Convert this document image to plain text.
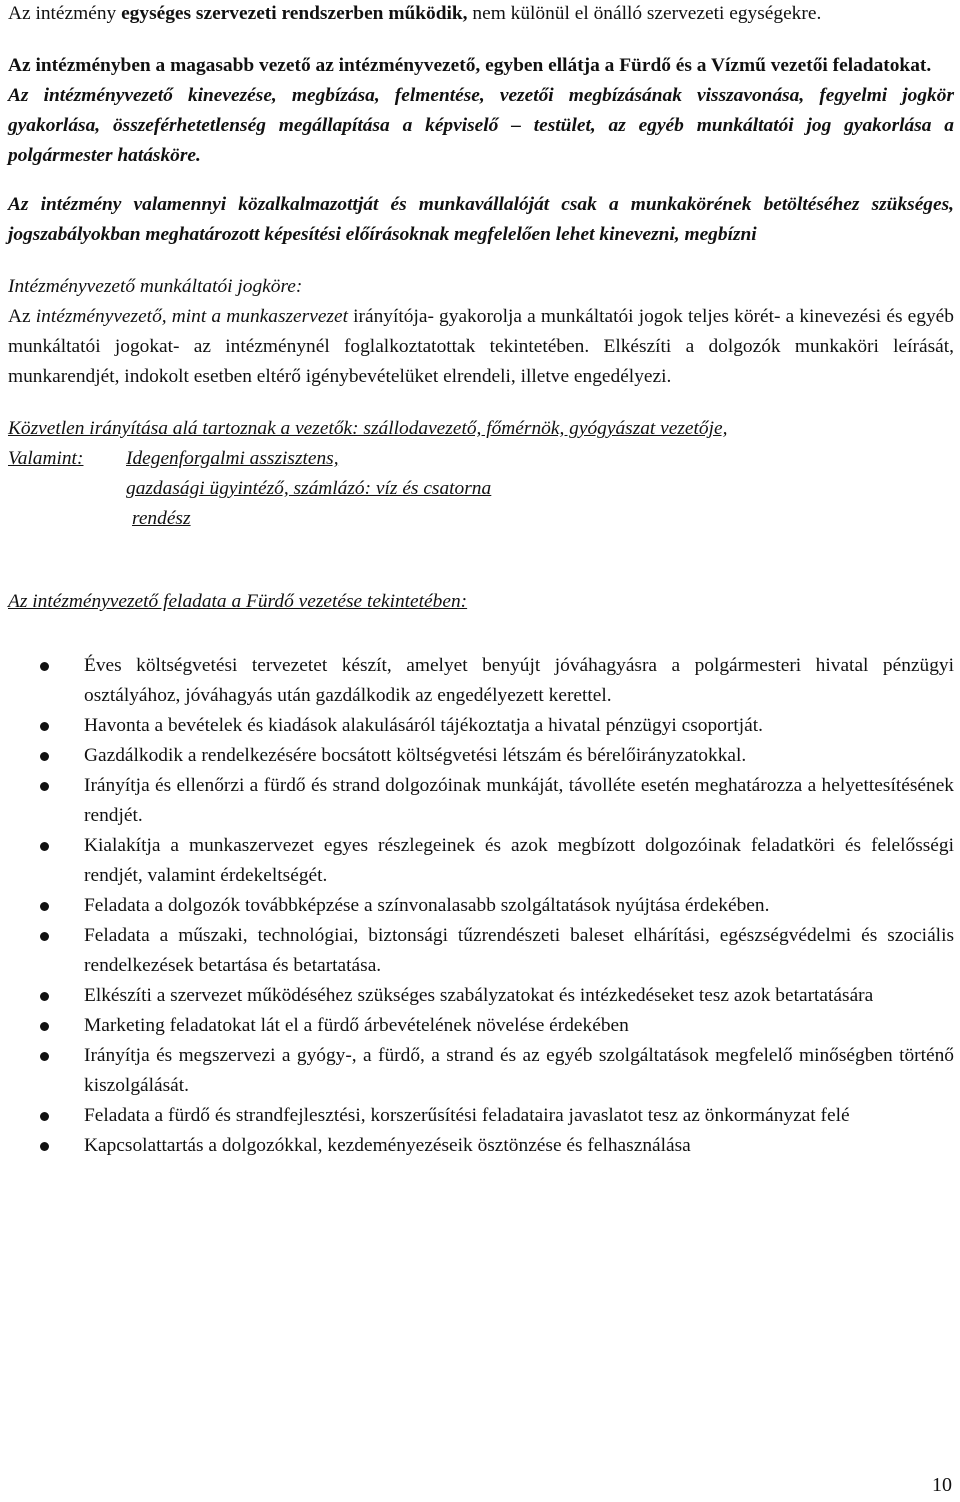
Az intézmény egységes szervezeti rendszerben működik, nem különül el önálló szervezeti egységekre.

Az intézményben a magasabb vezető az intézményvezető, egyben ellátja a Fürdő és a Vízmű vezetői feladatokat.

Az intézményvezető kinevezése, megbízása, felmentése, vezetői megbízásának visszavonása, fegyelmi jogkör gyakorlása, összeférhetetlenség megállapítása a képviselő – testület, az egyéb munkáltatói jog gyakorlása a polgármester hatásköre.

Az intézmény valamennyi közalkalmazottját és munkavállalóját csak a munkakörének betöltéséhez szükséges, jogszabályokban meghatározott képesítési előírásoknak megfelelően lehet kinevezni, megbízni

Intézményvezető munkáltatói jogköre:

Az intézményvezető, mint a munkaszervezet irányítója- gyakorolja a munkáltatói jogok teljes körét- a kinevezési és egyéb munkáltatói jogokat- az intézménynél foglalkoztatottak tekintetében. Elkészíti a dolgozók munkaköri leírását, munkarendjét, indokolt esetben eltérő igénybevételüket elrendeli, illetve engedélyezi.

Közvetlen irányítása alá tartoznak a vezetők: szállodavezető, főmérnök, gyógyászat vezetője,

Valamint:	Idegenforgalmi asszisztens,

gazdasági ügyintéző, számlázó: víz és csatorna

rendész

Az intézményvezető feladata a Fürdő vezetése tekintetében:

Éves költségvetési tervezetet készít, amelyet benyújt jóváhagyásra a polgármesteri hivatal pénzügyi osztályához, jóváhagyás után gazdálkodik az engedélyezett kerettel.
Havonta a bevételek és kiadások alakulásáról tájékoztatja a hivatal pénzügyi csoportját.
Gazdálkodik a rendelkezésére bocsátott költségvetési létszám és bérelőirányzatokkal.
Irányítja és ellenőrzi a fürdő és strand dolgozóinak munkáját, távolléte esetén meghatározza a helyettesítésének rendjét.
Kialakítja a munkaszervezet egyes részlegeinek és azok megbízott dolgozóinak feladatköri és felelősségi rendjét, valamint érdekeltségét.
Feladata a dolgozók továbbképzése a színvonalasabb szolgáltatások nyújtása érdekében.
Feladata a műszaki, technológiai, biztonsági tűzrendészeti baleset elhárítási, egészségvédelmi és szociális rendelkezések betartása és betartatása.
Elkészíti a szervezet működéséhez szükséges szabályzatokat és intézkedéseket tesz azok betartatására
Marketing feladatokat lát el a fürdő árbevételének növelése érdekében
Irányítja és megszervezi a gyógy-, a fürdő, a strand és az egyéb szolgáltatások megfelelő minőségben történő kiszolgálását.
Feladata a fürdő és strandfejlesztési, korszerűsítési feladataira javaslatot tesz az önkormányzat felé
Kapcsolattartás a dolgozókkal, kezdeményezéseik ösztönzése és felhasználása
10
